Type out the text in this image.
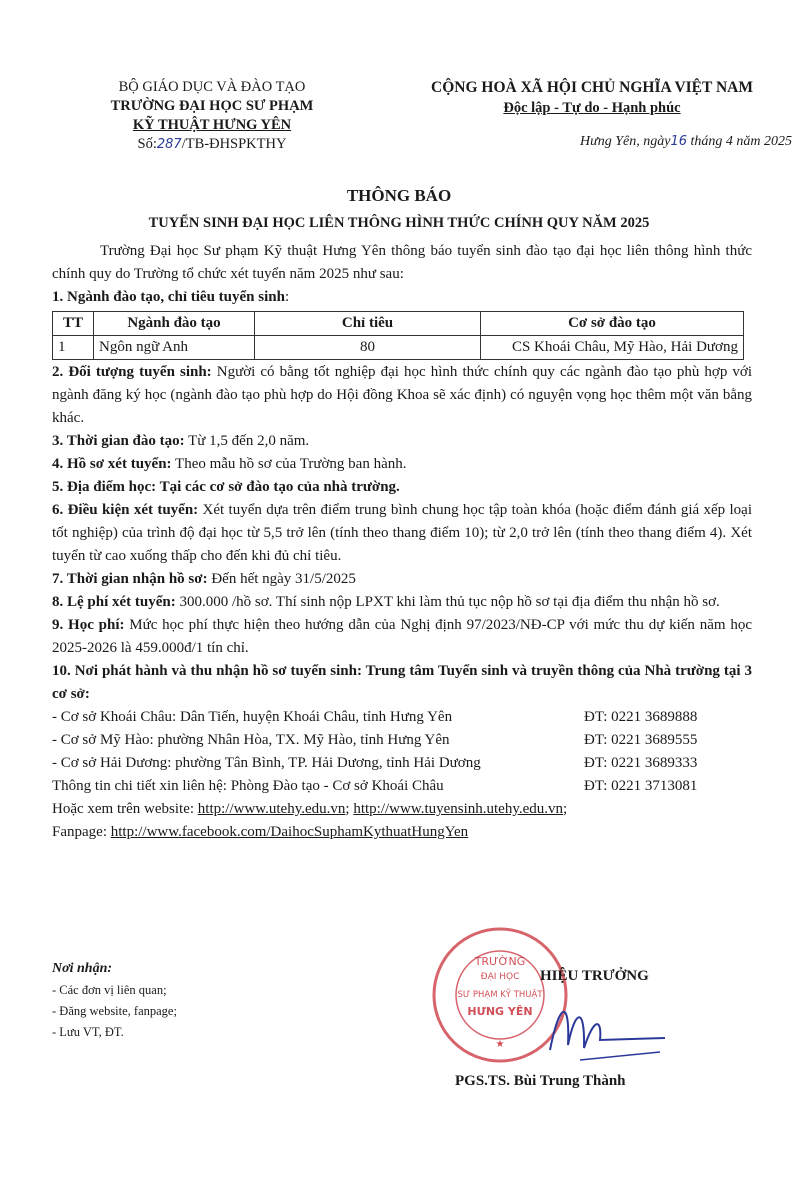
BỘ GIÁO DỤC VÀ ĐÀO TẠO
TRƯỜNG ĐẠI HỌC SƯ PHẠM
KỸ THUẬT HƯNG YÊN
Số:287/TB-ĐHSPKTHY
CỘNG HOÀ XÃ HỘI CHỦ NGHĨA VIỆT NAM
Độc lập - Tự do - Hạnh phúc
Hưng Yên, ngày16 tháng 4 năm 2025
THÔNG BÁO
TUYỂN SINH ĐẠI HỌC LIÊN THÔNG HÌNH THỨC CHÍNH QUY NĂM 2025

Trường Đại học Sư phạm Kỹ thuật Hưng Yên thông báo tuyển sinh đào tạo đại học liên thông hình thức chính quy do Trường tổ chức xét tuyển năm 2025 như sau:

1. Ngành đào tạo, chỉ tiêu tuyển sinh:

TT	Ngành đào tạo	Chỉ tiêu	Cơ sở đào tạo
1	Ngôn ngữ Anh	80	CS Khoái Châu, Mỹ Hào, Hải Dương

2. Đối tượng tuyển sinh: Người có bằng tốt nghiệp đại học hình thức chính quy các ngành đào tạo phù hợp với ngành đăng ký học (ngành đào tạo phù hợp do Hội đồng Khoa sẽ xác định) có nguyện vọng học thêm một văn bằng khác.

3. Thời gian đào tạo: Từ 1,5 đến 2,0 năm.

4. Hồ sơ xét tuyển: Theo mẫu hồ sơ của Trường ban hành.

5. Địa điểm học: Tại các cơ sở đào tạo của nhà trường.

6. Điều kiện xét tuyển: Xét tuyển dựa trên điểm trung bình chung học tập toàn khóa (hoặc điểm đánh giá xếp loại tốt nghiệp) của trình độ đại học từ 5,5 trở lên (tính theo thang điểm 10); từ 2,0 trở lên (tính theo thang điểm 4). Xét tuyển từ cao xuống thấp cho đến khi đủ chỉ tiêu.

7. Thời gian nhận hồ sơ: Đến hết ngày 31/5/2025

8. Lệ phí xét tuyển: 300.000 /hồ sơ. Thí sinh nộp LPXT khi làm thủ tục nộp hồ sơ tại địa điểm thu nhận hồ sơ.

9. Học phí: Mức học phí thực hiện theo hướng dẫn của Nghị định 97/2023/NĐ-CP với mức thu dự kiến năm học 2025-2026 là 459.000đ/1 tín chỉ.

10. Nơi phát hành và thu nhận hồ sơ tuyển sinh: Trung tâm Tuyển sinh và truyền thông của Nhà trường tại 3 cơ sở:

- Cơ sở Khoái Châu: Dân Tiến, huyện Khoái Châu, tỉnh Hưng Yên	ĐT: 0221 3689888
- Cơ sở Mỹ Hào: phường Nhân Hòa, TX. Mỹ Hào, tỉnh Hưng Yên	ĐT: 0221 3689555
- Cơ sở Hải Dương: phường Tân Bình, TP. Hải Dương, tỉnh Hải Dương	ĐT: 0221 3689333
Thông tin chi tiết xin liên hệ: Phòng Đào tạo - Cơ sở Khoái Châu	ĐT: 0221 3713081

Hoặc xem trên website: http://www.utehy.edu.vn; http://www.tuyensinh.utehy.edu.vn;

Fanpage: http://www.facebook.com/DaihocSuphamKythuatHungYen

Nơi nhận:
- Các đơn vị liên quan;
- Đăng website, fanpage;
- Lưu VT, ĐT.
TRƯỜNG
ĐẠI HỌC
SƯ PHẠM KỸ THUẬT
HƯNG YÊN
★
HIỆU TRƯỞNG
PGS.TS. Bùi Trung Thành
